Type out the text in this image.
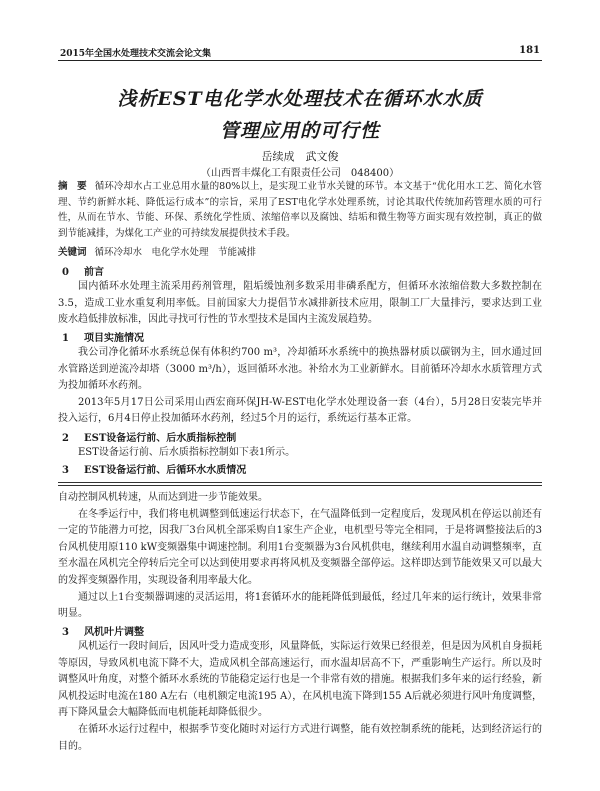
2015年全国水处理技术交流会论文集	181
浅析EST电化学水处理技术在循环水水质
管理应用的可行性
岳续成　武文俊
（山西晋丰煤化工有限责任公司　048400）
摘　要 循环冷却水占工业总用水量的80%以上，是实现工业节水关键的环节。本文基于“优化用水工艺、简化水管理、节约新鲜水耗、降低运行成本”的宗旨，采用了EST电化学水处理系统，讨论其取代传统加药管理水质的可行性，从而在节水、节能、环保、系统化学性质、浓缩倍率以及腐蚀、结垢和微生物等方面实现有效控制，真正的做到节能减排，为煤化工产业的可持续发展提供技术手段。
关键词 循环冷却水　电化学水处理　节能减排
0 前言

国内循环水处理主流采用药剂管理，阻垢缓蚀剂多数采用非磷系配方，但循环水浓缩倍数大多数控制在3.5，造成工业水重复利用率低。目前国家大力提倡节水减排新技术应用，限制工厂大量排污，要求达到工业废水趋低排放标准，因此寻找可行性的节水型技术是国内主流发展趋势。

1 项目实施情况

我公司净化循环水系统总保有体积约700 m³，冷却循环水系统中的换热器材质以碳钢为主，回水通过回水管路送到逆流冷却塔（3000 m³/h），返回循环水池。补给水为工业新鲜水。目前循环冷却水水质管理方式为投加循环水药剂。

2013年5月17日公司采用山西宏商环保JH-W-EST电化学水处理设备一套（4台），5月28日安装完毕并投入运行，6月4日停止投加循环水药剂，经过5个月的运行，系统运行基本正常。

2 EST设备运行前、后水质指标控制

EST设备运行前、后水质指标控制如下表1所示。

3 EST设备运行前、后循环水水质情况

自动控制风机转速，从而达到进一步节能效果。

在冬季运行中，我们将电机调整到低速运行状态下，在气温降低到一定程度后，发现风机在停运以前还有一定的节能潜力可挖，因我厂3台风机全部采购自1家生产企业，电机型号等完全相同，于是将调整接法后的3台风机使用原110 kW变频器集中调速控制。利用1台变频器为3台风机供电，继续利用水温自动调整频率，直至水温在风机完全停转后完全可以达到使用要求再将风机及变频器全部停运。这样即达到节能效果又可以最大的发挥变频器作用，实现设备利用率最大化。

通过以上1台变频器调速的灵活运用，将1套循环水的能耗降低到最低，经过几年来的运行统计，效果非常明显。

3 风机叶片调整

风机运行一段时间后，因风叶受力造成变形，风量降低，实际运行效果已经很差，但是因为风机自身损耗等原因，导致风机电流下降不大，造成风机全部高速运行，而水温却居高不下，严重影响生产运行。所以及时调整风叶角度，对整个循环水系统的节能稳定运行也是一个非常有效的措施。根据我们多年来的运行经验，新风机投运时电流在180 A左右（电机额定电流195 A），在风机电流下降到155 A后就必须进行风叶角度调整，再下降风量会大幅降低而电机能耗却降低很少。

在循环水运行过程中，根据季节变化随时对运行方式进行调整，能有效控制系统的能耗，达到经济运行的目的。
